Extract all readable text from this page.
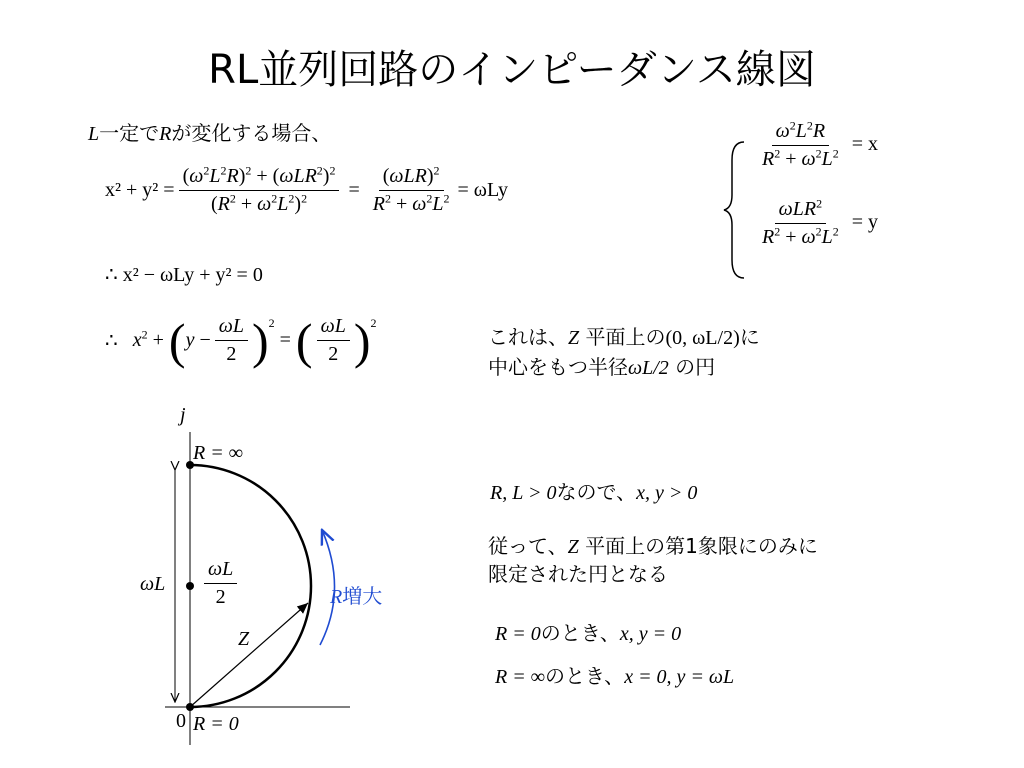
RL並列回路のインピーダンス線図
L一定でRが変化する場合、	$\frac{\omega^2L^2R}{R^2 + \omega^2L^2} = x$
$\frac{\omega LR^2}{R^2 + \omega^2L^2} = y$
$x^2 + y^2 = \frac{(\omega^2L^2R)^2 + (\omega LR^2)^2}{(R^2 + \omega^2L^2)^2} = \frac{(\omega LR)^2}{R^2 + \omega^2L^2} = \omega Ly$
∴ x² − ωLy + y² = 0
∴ $x^2$ + ( $y - \frac{\omega L}{2} )^2$
= ( $\frac{\omega L}{2} )^2$
これは、Z 平面上の(0, ωL/2)に
中心をもつ半径ωL/2 の円
R, L > 0なので、x, y > 0
従って、Z 平面上の第1象限にのみに
限定された円となる
R = 0のとき、x, y = 0
R = ∞のとき、x = 0, y = ωL
j
R = ∞
ωL $\frac{\omega L}{2}$
Z
0 R = 0
R増大
